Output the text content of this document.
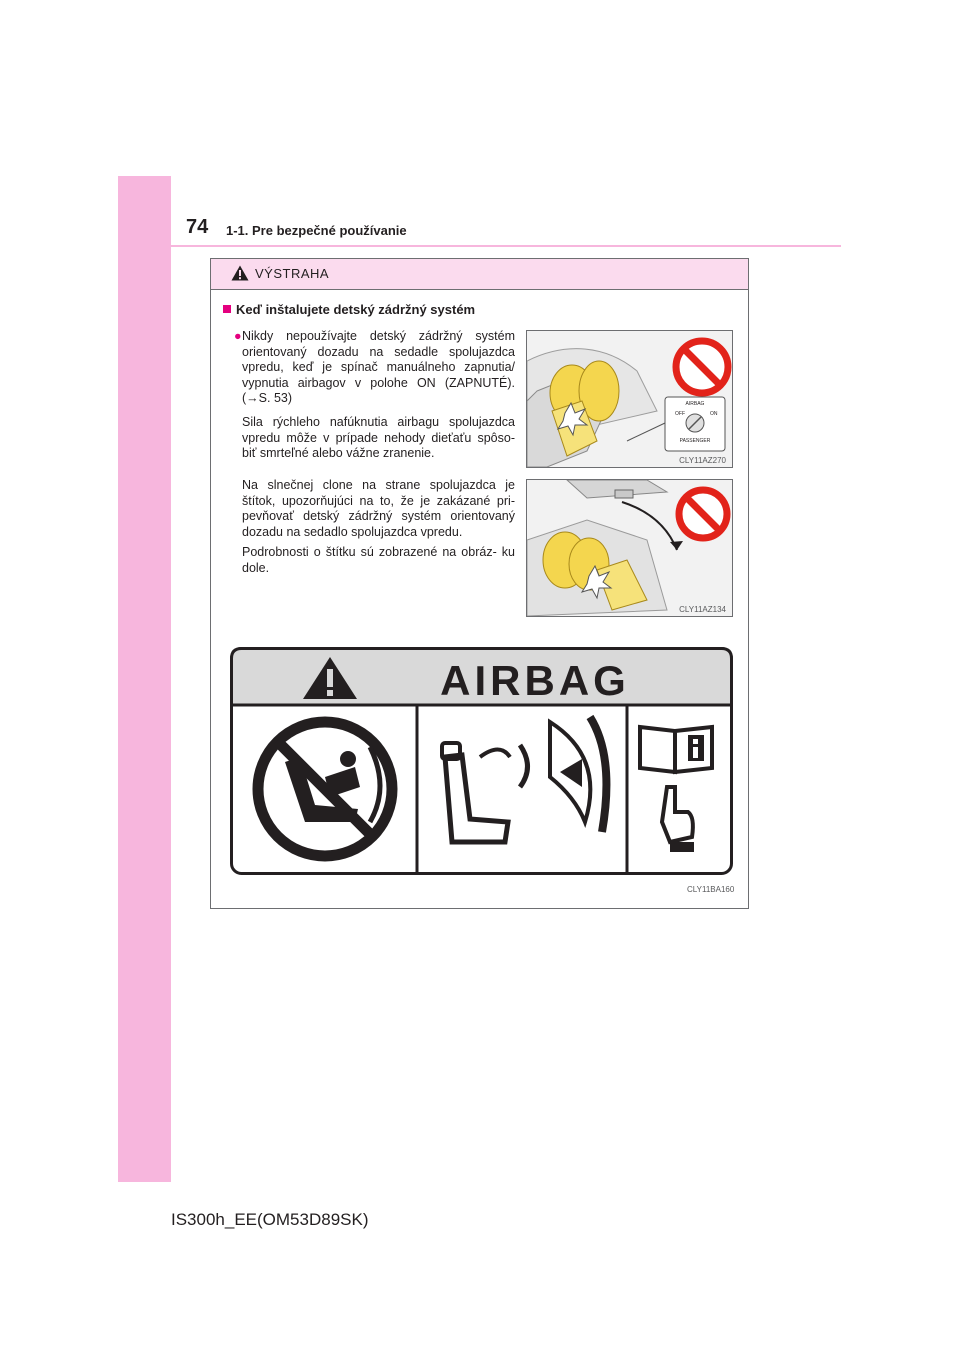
74 1-1. Pre bezpečné používanie
VÝSTRAHA
Keď inštalujete detský zádržný systém
● Nikdy nepoužívajte detský zádržný systém orientovaný dozadu na sedadle spolujazdca vpredu, keď je spínač manuálneho zapnutia/ vypnutia airbagov v polohe ON (ZAPNUTÉ). (→S. 53)
Sila rýchleho nafúknutia airbagu spolujazdca vpredu môže v prípade nehody dieťaťu spôso- biť smrteľné alebo vážne zranenie.
Na slnečnej clone na strane spolujazdca je štítok, upozorňujúci na to, že je zakázané pri- pevňovať detský zádržný systém orientovaný dozadu na sedadlo spolujazdca vpredu.
Podrobnosti o štítku sú zobrazené na obráz- ku dole.
AIRBAG
OFF	ON
PASSENGER
CLY11AZ270
CLY11AZ134
AIRBAG
CLY11BA160
IS300h_EE(OM53D89SK)
